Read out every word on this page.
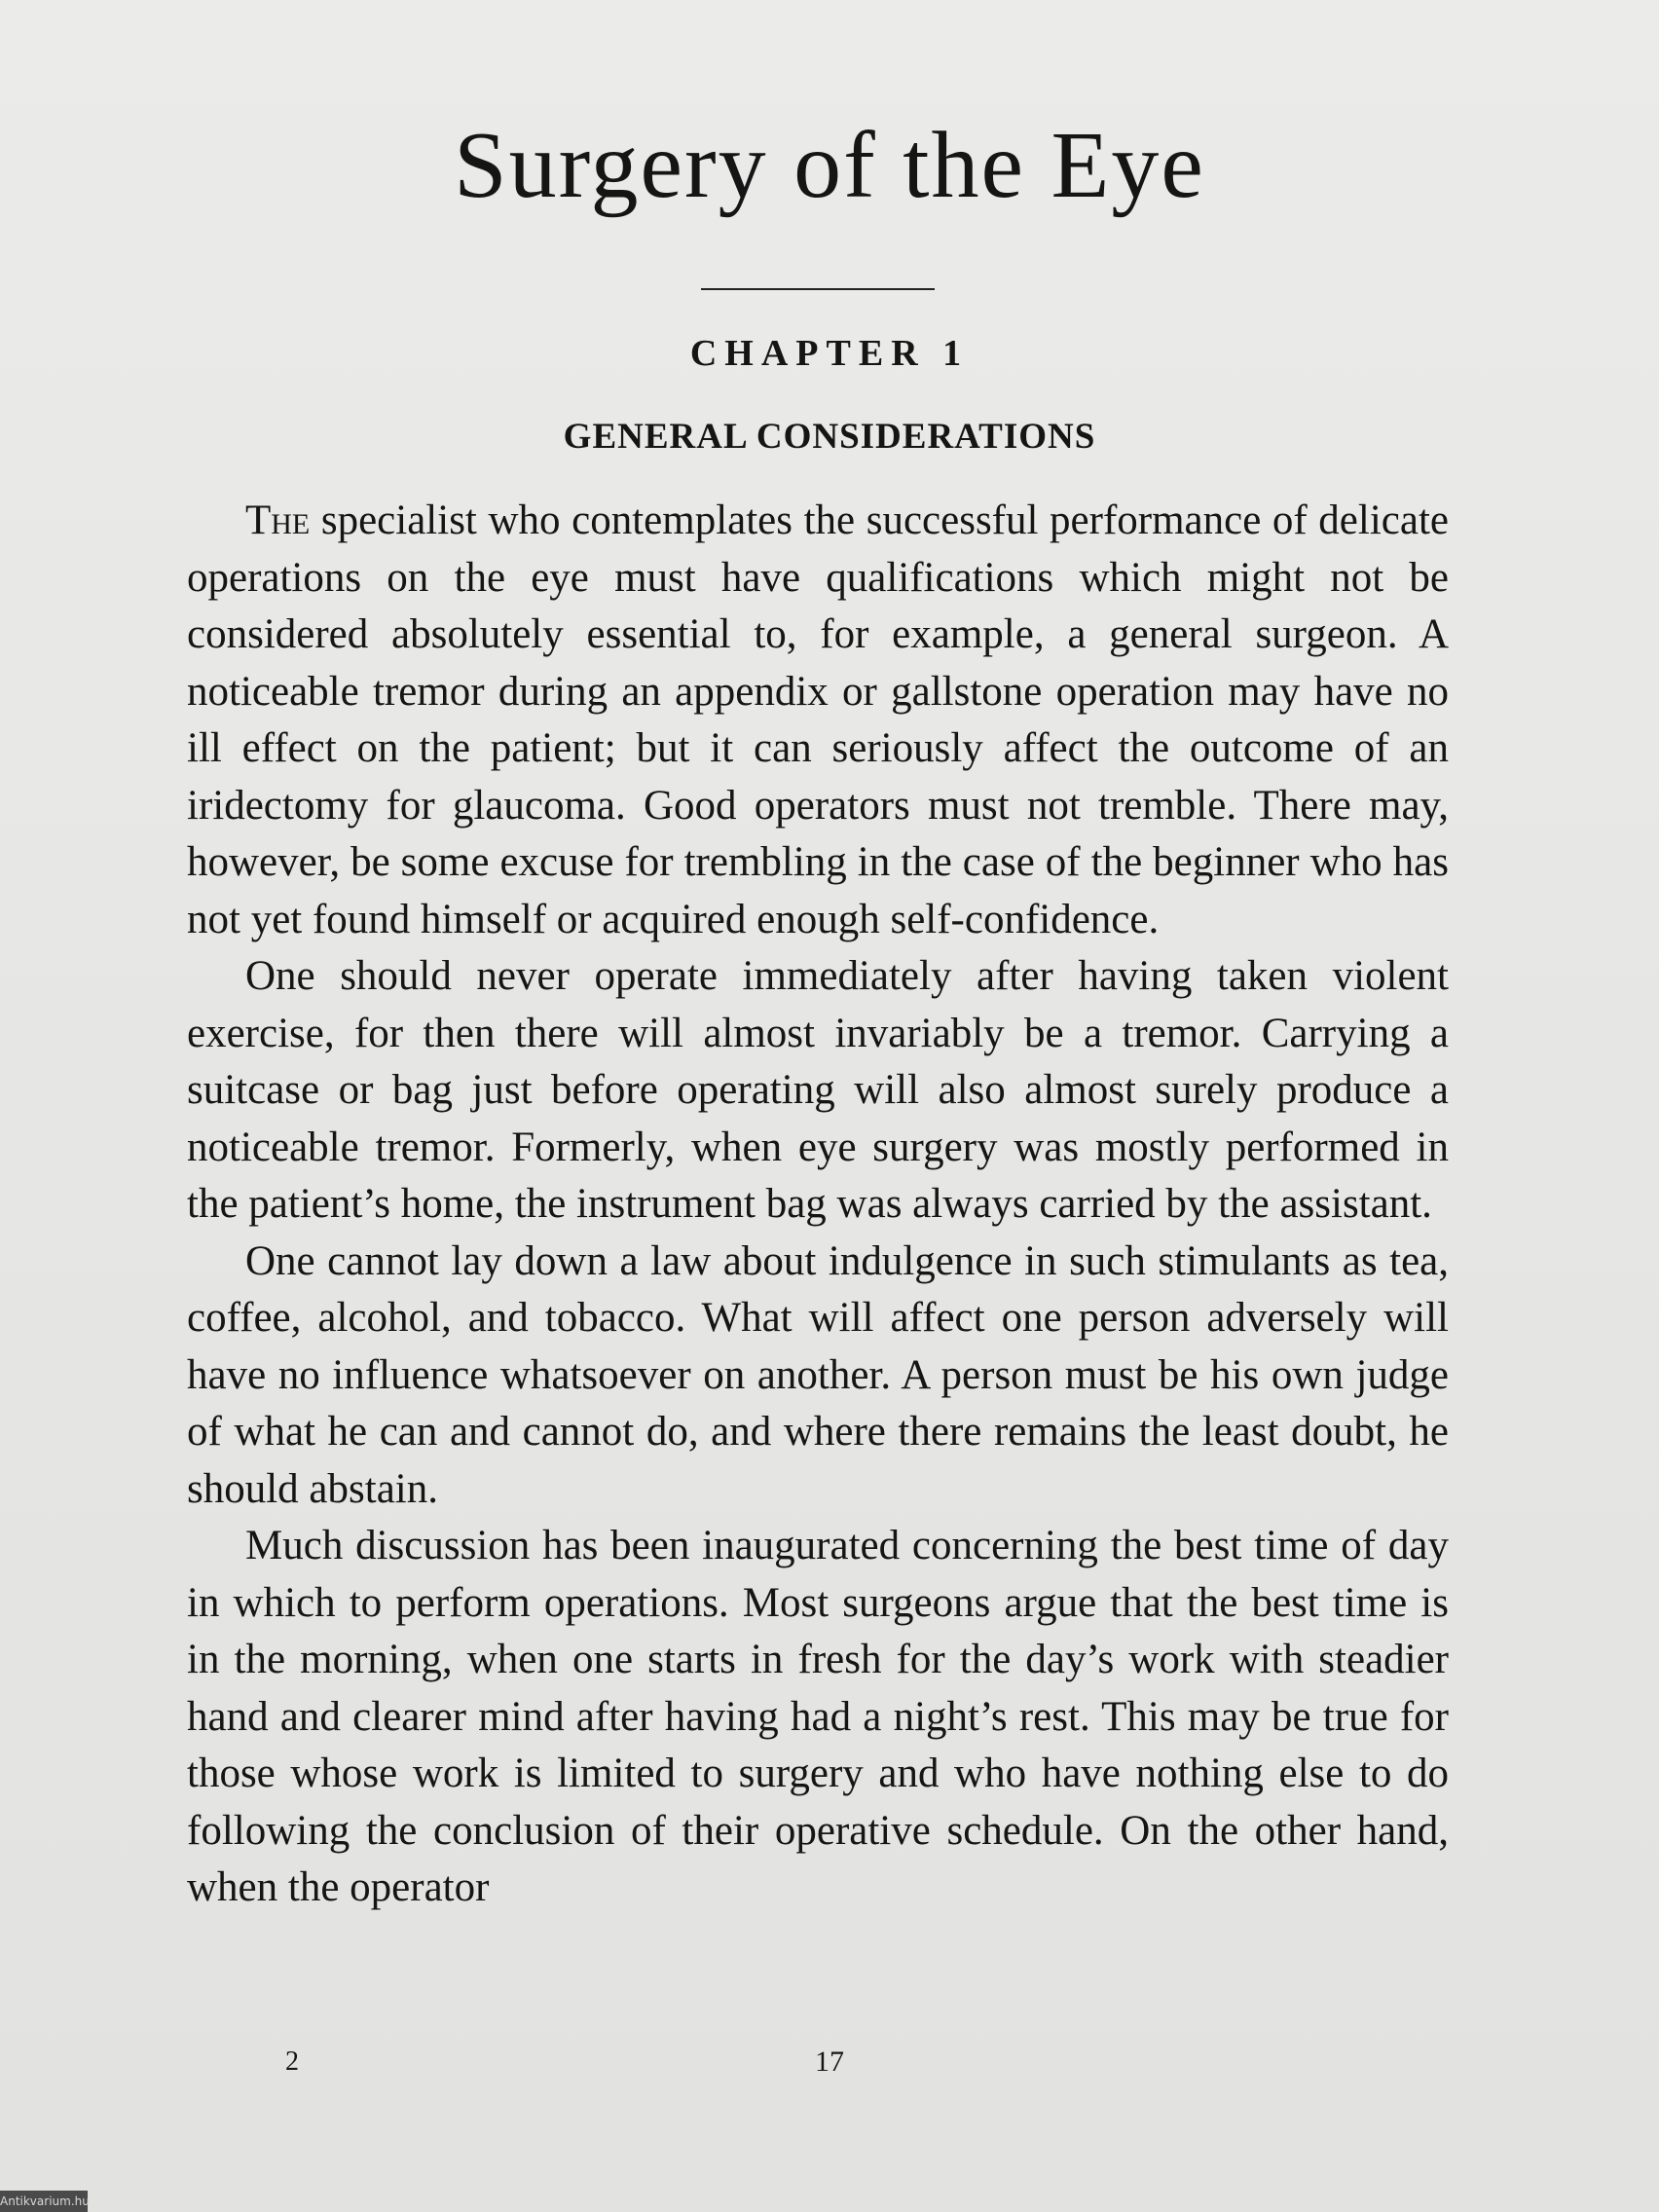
Surgery of the Eye
CHAPTER 1
GENERAL CONSIDERATIONS

The specialist who contemplates the successful performance of delicate operations on the eye must have qualifications which might not be considered absolutely essential to, for example, a general surgeon. A noticeable tremor during an appendix or gallstone operation may have no ill effect on the patient; but it can seriously affect the outcome of an iridectomy for glaucoma. Good operators must not tremble. There may, however, be some excuse for trembling in the case of the beginner who has not yet found himself or acquired enough self-confidence.

One should never operate immediately after having taken violent exercise, for then there will almost invariably be a tremor. Carrying a suitcase or bag just before operating will also almost surely produce a noticeable tremor. Formerly, when eye surgery was mostly performed in the patient’s home, the instrument bag was always carried by the assistant.

One cannot lay down a law about indulgence in such stimulants as tea, coffee, alcohol, and tobacco. What will affect one person adversely will have no influence whatsoever on another. A person must be his own judge of what he can and cannot do, and where there remains the least doubt, he should abstain.

Much discussion has been inaugurated concerning the best time of day in which to perform operations. Most surgeons argue that the best time is in the morning, when one starts in fresh for the day’s work with steadier hand and clearer mind after having had a night’s rest. This may be true for those whose work is limited to surgery and who have nothing else to do following the conclusion of their operative schedule. On the other hand, when the operator

2	17
Antikvarium.hu
